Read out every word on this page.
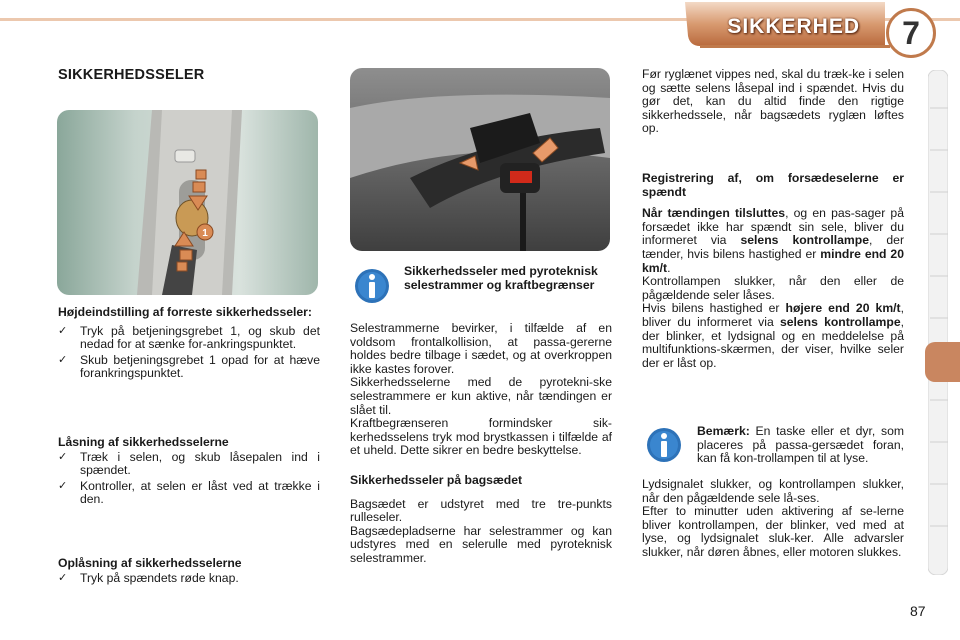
SIKKERHED	7
SIKKERHEDSSELER
1

Højdeindstilling af forreste sikkerhedsseler:

✓	Tryk på betjeningsgrebet 1, og skub det nedad for at sænke for-ankringspunktet.
✓	Skub betjeningsgrebet 1 opad for at hæve forankringspunktet.

Låsning af sikkerhedsselerne

✓	Træk i selen, og skub låsepalen ind i spændet.
✓	Kontroller, at selen er låst ved at trække i den.

Oplåsning af sikkerhedsselerne

✓	Tryk på spændets røde knap.
Sikkerhedsseler med pyroteknisk selestrammer og kraftbegrænser

Selestrammerne bevirker, i tilfælde af en voldsom frontalkollision, at passa-gererne holdes bedre tilbage i sædet, og at overkroppen ikke kastes forover.

Sikkerhedsselerne med de pyrotekni-ske selestrammere er kun aktive, når tændingen er slået til.

Kraftbegrænseren formindsker sik-kerhedsselens tryk mod brystkassen i tilfælde af et uheld. Dette sikrer en bedre beskyttelse.

Sikkerhedsseler på bagsædet

Bagsædet er udstyret med tre tre-punkts rulleseler.

Bagsædepladserne har selestrammer og kan udstyres med en selerulle med pyroteknisk selestrammer.

Før ryglænet vippes ned, skal du træk-ke i selen og sætte selens låsepal ind i spændet. Hvis du gør det, kan du altid finde den rigtige sikkerhedssele, når bagsædets ryglæn løftes op.

Registrering af, om forsædeselerne er spændt

Når tændingen tilsluttes, og en pas-sager på forsædet ikke har spændt sin sele, bliver du informeret via selens kontrollampe, der tænder, hvis bilens hastighed er mindre end 20 km/t.

Kontrollampen slukker, når den eller de pågældende seler låses.

Hvis bilens hastighed er højere end 20 km/t, bliver du informeret via selens kontrollampe, der blinker, et lydsignal og en meddelelse på multifunktions-skærmen, der viser, hvilke seler der er låst op.

Bemærk: En taske eller et dyr, som placeres på passa-gersædet foran, kan få kon-trollampen til at lyse.

Lydsignalet slukker, og kontrollampen slukker, når den pågældende sele lå-ses.

Efter to minutter uden aktivering af se-lerne bliver kontrollampen, der blinker, ved med at lyse, og lydsignalet sluk-ker. Alle advarsler slukker, når døren åbnes, eller motoren slukkes.

87
